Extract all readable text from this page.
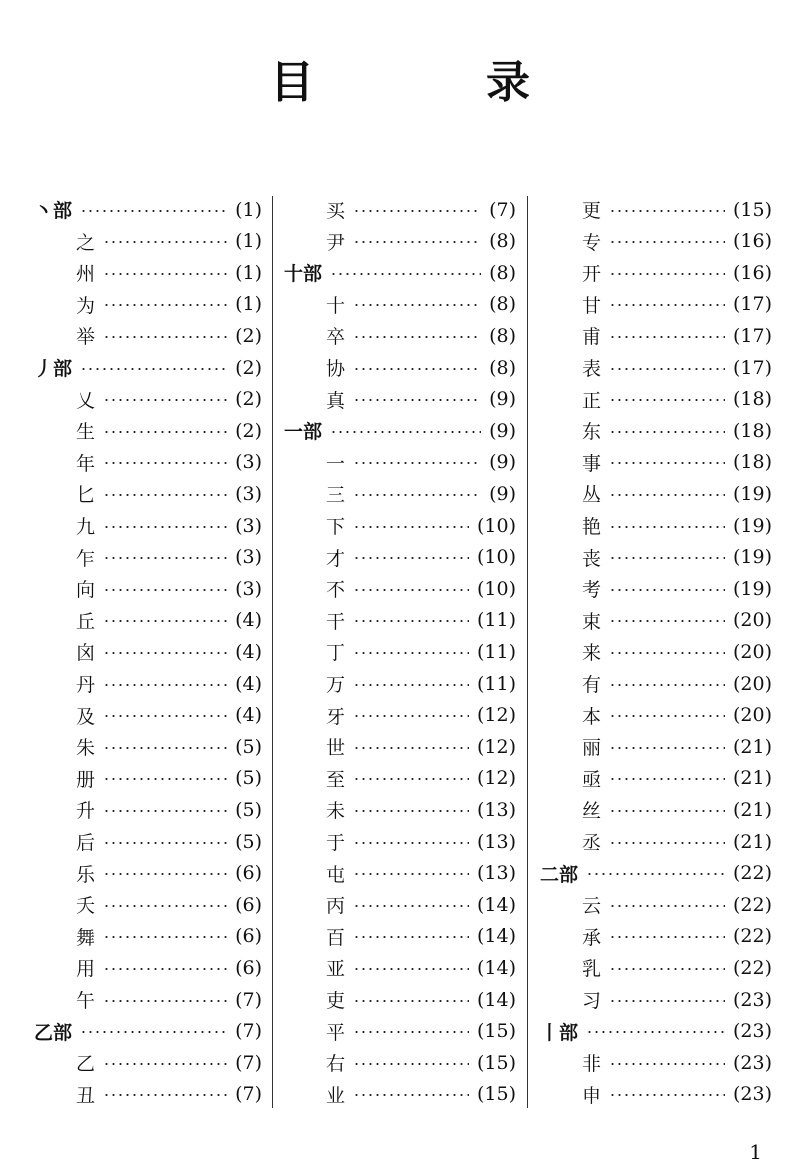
目　录
丶部	(1)
之	(1)
州	(1)
为	(1)
举	(2)
丿部	(2)
乂	(2)
生	(2)
年	(3)
匕	(3)
九	(3)
乍	(3)
向	(3)
丘	(4)
囟	(4)
丹	(4)
及	(4)
朱	(5)
册	(5)
升	(5)
后	(5)
乐	(6)
夭	(6)
舞	(6)
用	(6)
午	(7)
乙部	(7)
乙	(7)
丑	(7)
买	(7)
尹	(8)
十部	(8)
十	(8)
卒	(8)
协	(8)
真	(9)
一部	(9)
一	(9)
三	(9)
下	(10)
才	(10)
不	(10)
干	(11)
丁	(11)
万	(11)
牙	(12)
世	(12)
至	(12)
未	(13)
于	(13)
屯	(13)
丙	(14)
百	(14)
亚	(14)
吏	(14)
平	(15)
右	(15)
业	(15)
更	(15)
专	(16)
开	(16)
甘	(17)
甫	(17)
表	(17)
正	(18)
东	(18)
事	(18)
丛	(19)
艳	(19)
丧	(19)
考	(19)
束	(20)
来	(20)
有	(20)
本	(20)
丽	(21)
亟	(21)
丝	(21)
丞	(21)
二部	(22)
云	(22)
承	(22)
乳	(22)
习	(23)
丨部	(23)
非	(23)
申	(23)
1
